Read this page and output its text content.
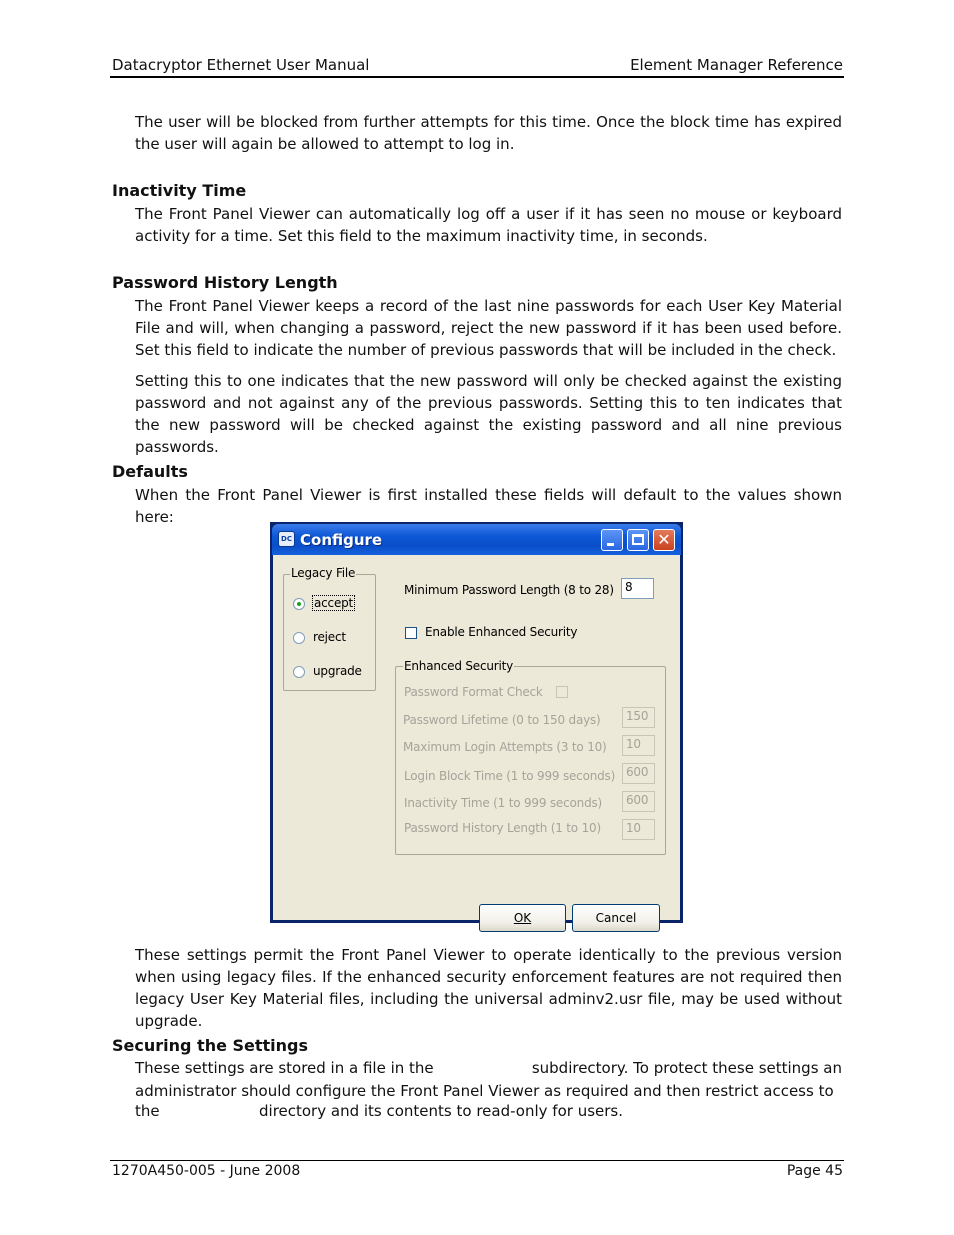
Datacryptor Ethernet User Manual	Element Manager Reference

The user will be blocked from further attempts for this time. Once the block time has expired the user will again be allowed to attempt to log in.

Inactivity Time

The Front Panel Viewer can automatically log off a user if it has seen no mouse or keyboard activity for a time. Set this field to the maximum inactivity time, in seconds.

Password History Length

The Front Panel Viewer keeps a record of the last nine passwords for each User Key Material File and will, when changing a password, reject the new password if it has been used before. Set this field to indicate the number of previous passwords that will be included in the check.

Setting this to one indicates that the new password will only be checked against the existing password and not against any of the previous passwords. Setting this to ten indicates that the new password will be checked against the existing password and all nine previous passwords.

Defaults

When the Front Panel Viewer is first installed these fields will default to the values shown here:

DC Configure	✕
Legacy File
accept
reject
upgrade
Minimum Password Length (8 to 28) 8
Enable Enhanced Security
Enhanced Security
Password Format Check
Password Lifetime (0 to 150 days)	150
Maximum Login Attempts (3 to 10)	10
Login Block Time (1 to 999 seconds) 600
Inactivity Time (1 to 999 seconds)	600
Password History Length (1 to 10)	10
OK	Cancel

These settings permit the Front Panel Viewer to operate identically to the previous version when using legacy files. If the enhanced security enforcement features are not required then legacy User Key Material files, including the universal adminv2.usr file, may be used without upgrade.

Securing the Settings

These settings are stored in a file in the	subdirectory. To protect these settings an

administrator should configure the Front Panel Viewer as required and then restrict access to

the	directory and its contents to read-only for users.
1270A450-005 - June 2008	Page 45
